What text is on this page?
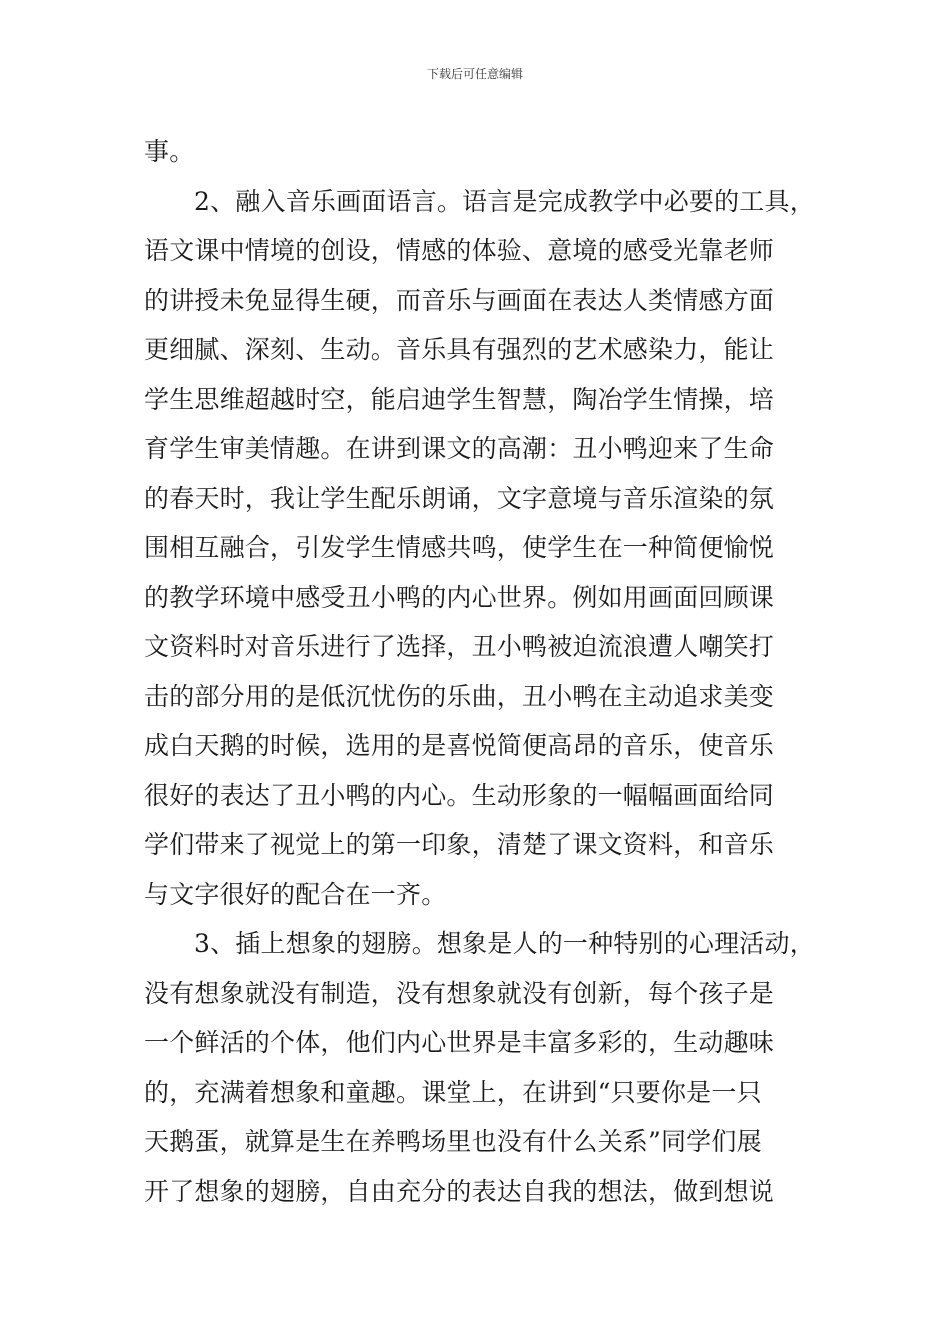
下载后可任意编辑
事。
2、融入音乐画面语言。语言是完成教学中必要的工具，
语文课中情境的创设，情感的体验、意境的感受光靠老师
的讲授未免显得生硬，而音乐与画面在表达人类情感方面
更细腻、深刻、生动。音乐具有强烈的艺术感染力，能让
学生思维超越时空，能启迪学生智慧，陶冶学生情操，培
育学生审美情趣。在讲到课文的高潮：丑小鸭迎来了生命
的春天时，我让学生配乐朗诵，文字意境与音乐渲染的氛
围相互融合，引发学生情感共鸣，使学生在一种简便愉悦
的教学环境中感受丑小鸭的内心世界。例如用画面回顾课
文资料时对音乐进行了选择，丑小鸭被迫流浪遭人嘲笑打
击的部分用的是低沉忧伤的乐曲，丑小鸭在主动追求美变
成白天鹅的时候，选用的是喜悦简便高昂的音乐，使音乐
很好的表达了丑小鸭的内心。生动形象的一幅幅画面给同
学们带来了视觉上的第一印象，清楚了课文资料，和音乐
与文字很好的配合在一齐。
3、插上想象的翅膀。想象是人的一种特别的心理活动，
没有想象就没有制造，没有想象就没有创新，每个孩子是
一个鲜活的个体，他们内心世界是丰富多彩的，生动趣味
的，充满着想象和童趣。课堂上，在讲到“只要你是一只
天鹅蛋，就算是生在养鸭场里也没有什么关系”同学们展
开了想象的翅膀，自由充分的表达自我的想法，做到想说
